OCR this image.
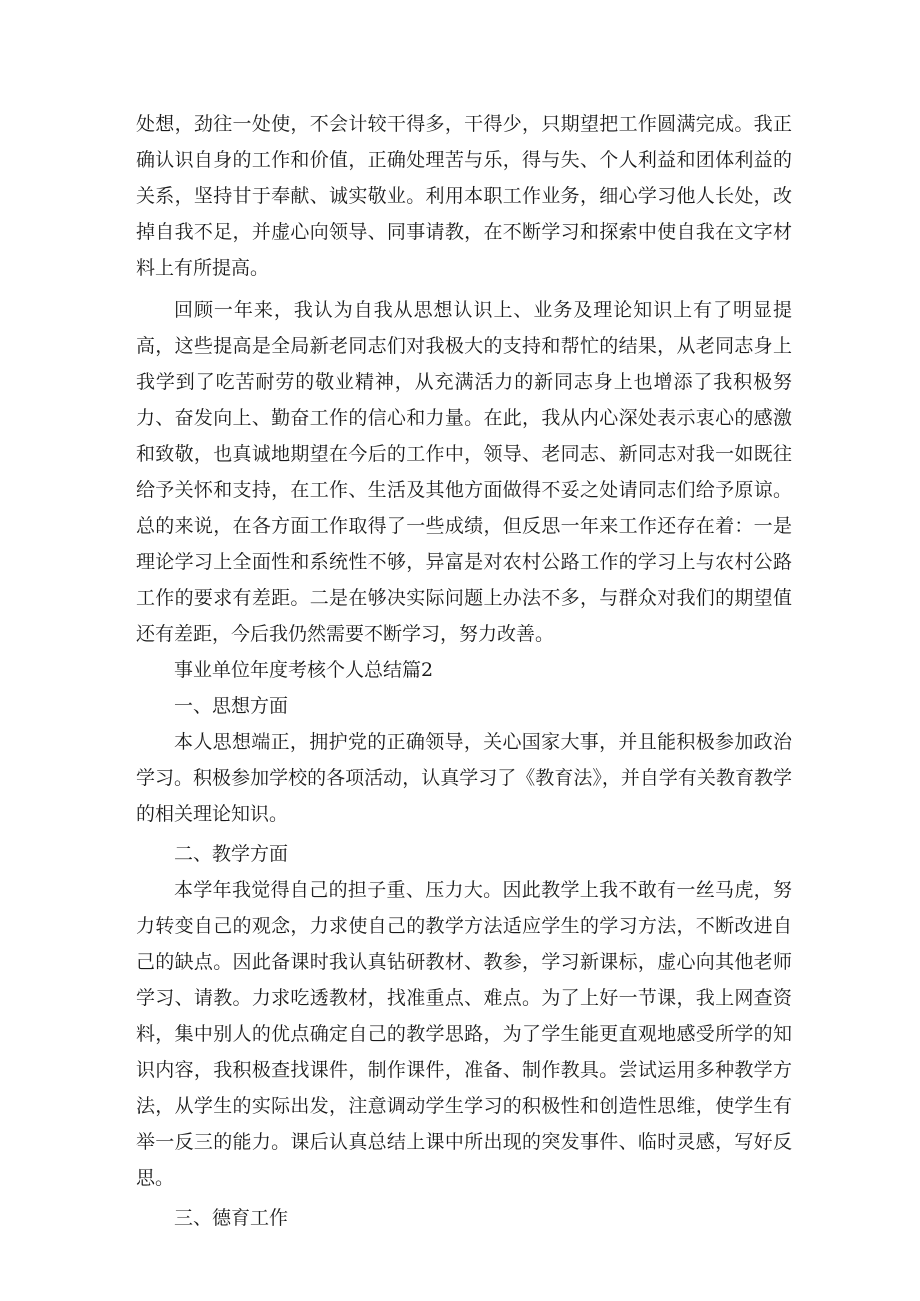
处想，劲往一处使，不会计较干得多，干得少，只期望把工作圆满完成。我正确认识自身的工作和价值，正确处理苦与乐，得与失、个人利益和团体利益的关系，坚持甘于奉献、诚实敬业。利用本职工作业务，细心学习他人长处，改掉自我不足，并虚心向领导、同事请教，在不断学习和探索中使自我在文字材料上有所提高。

回顾一年来，我认为自我从思想认识上、业务及理论知识上有了明显提高，这些提高是全局新老同志们对我极大的支持和帮忙的结果，从老同志身上我学到了吃苦耐劳的敬业精神，从充满活力的新同志身上也增添了我积极努力、奋发向上、勤奋工作的信心和力量。在此，我从内心深处表示衷心的感激和致敬，也真诚地期望在今后的工作中，领导、老同志、新同志对我一如既往给予关怀和支持，在工作、生活及其他方面做得不妥之处请同志们给予原谅。总的来说，在各方面工作取得了一些成绩，但反思一年来工作还存在着：一是理论学习上全面性和系统性不够，异富是对农村公路工作的学习上与农村公路工作的要求有差距。二是在够决实际问题上办法不多，与群众对我们的期望值还有差距，今后我仍然需要不断学习，努力改善。

事业单位年度考核个人总结篇2

一、思想方面

本人思想端正，拥护党的正确领导，关心国家大事，并且能积极参加政治学习。积极参加学校的各项活动，认真学习了《教育法》，并自学有关教育教学的相关理论知识。

二、教学方面

本学年我觉得自己的担子重、压力大。因此教学上我不敢有一丝马虎，努力转变自己的观念，力求使自己的教学方法适应学生的学习方法，不断改进自己的缺点。因此备课时我认真钻研教材、教参，学习新课标，虚心向其他老师学习、请教。力求吃透教材，找准重点、难点。为了上好一节课，我上网查资料，集中别人的优点确定自己的教学思路，为了学生能更直观地感受所学的知识内容，我积极查找课件，制作课件，准备、制作教具。尝试运用多种教学方法，从学生的实际出发，注意调动学生学习的积极性和创造性思维，使学生有举一反三的能力。课后认真总结上课中所出现的突发事件、临时灵感，写好反思。

三、德育工作
